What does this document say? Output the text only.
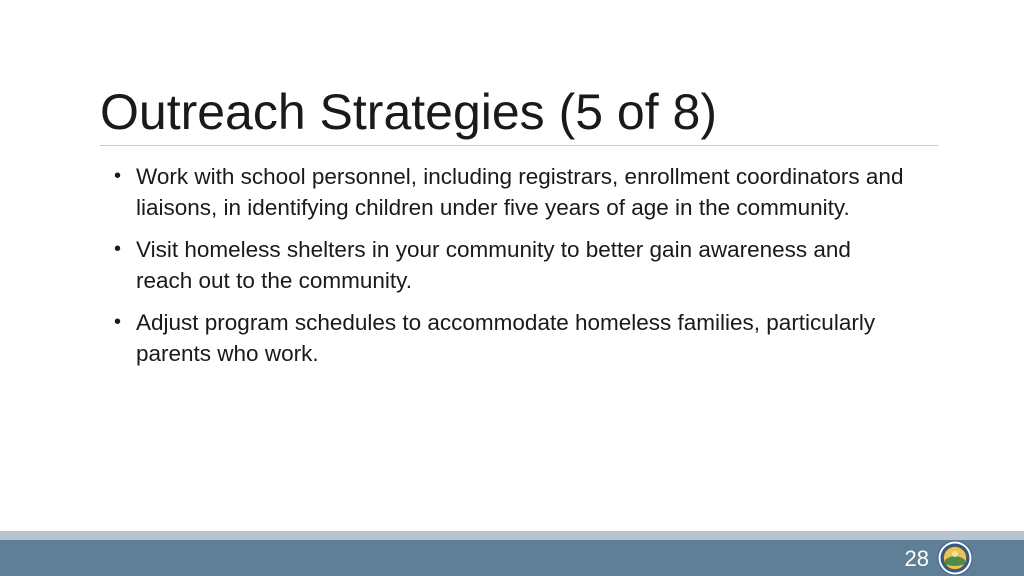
Outreach Strategies (5 of 8)
• Work with school personnel, including registrars, enrollment coordinators and liaisons, in identifying children under five years of age in the community.
• Visit homeless shelters in your community to better gain awareness and reach out to the community.
• Adjust program schedules to accommodate homeless families, particularly parents who work.
28
